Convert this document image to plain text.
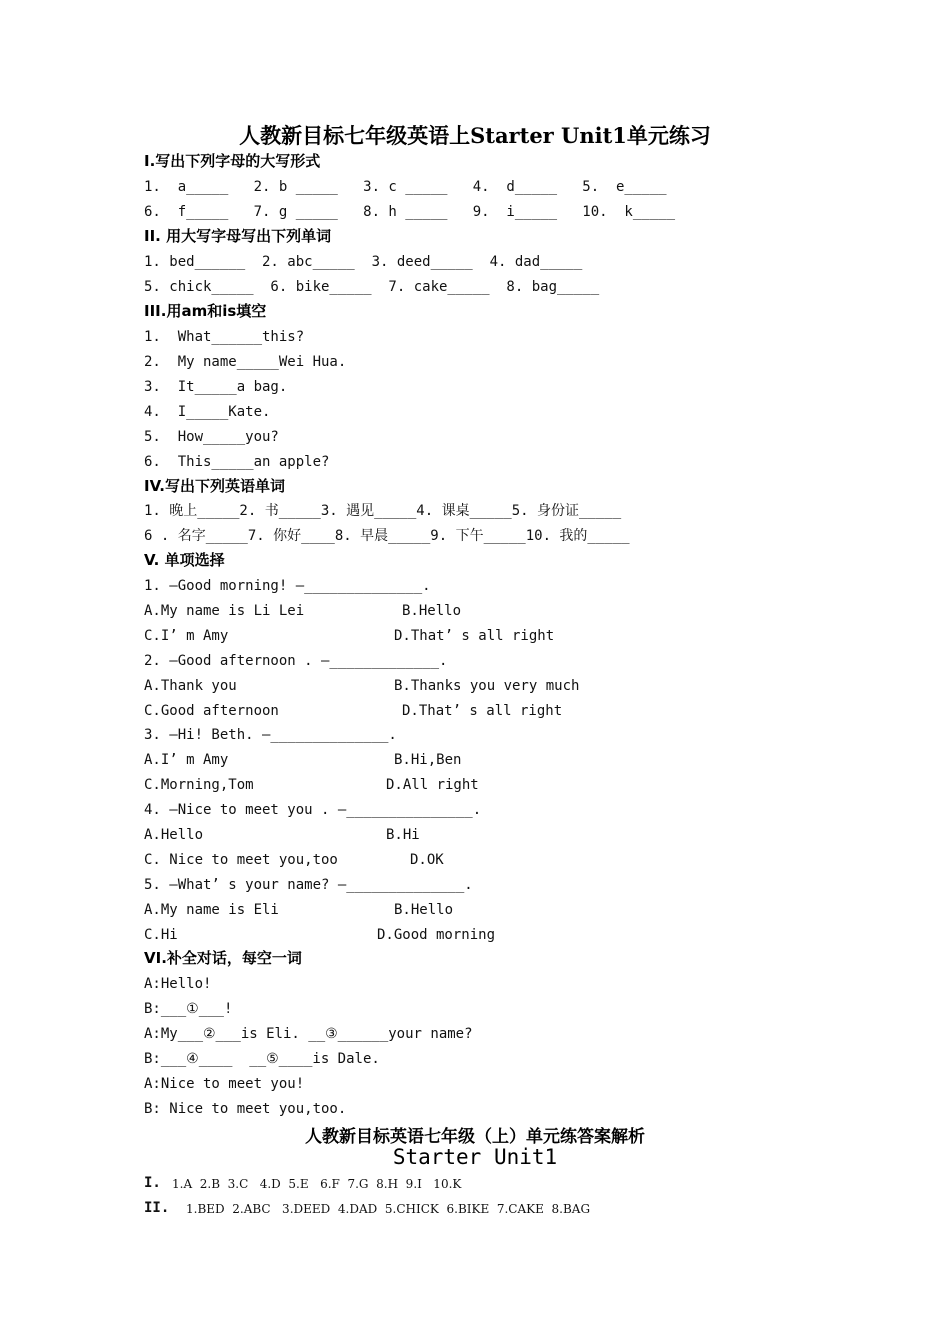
人教新目标七年级英语上Starter Unit1单元练习
Ⅰ.写出下列字母的大写形式
1.  a_____   2. b _____   3. c _____   4.  d_____   5.  e_____
6.  f_____   7. g _____   8. h _____   9.  i_____   10.  k_____
II. 用大写字母写出下列单词
1. bed______  2. abc_____  3. deed_____  4. dad_____
5. chick_____  6. bike_____  7. cake_____  8. bag_____
III.用am和is填空
1.  What______this?
2.  My name_____Wei Hua.
3.  It_____a bag.
4.  I_____Kate.
5.  How_____you?
6.  This_____an apple?
IV.写出下列英语单词
1. 晚上_____2. 书_____3. 遇见_____4. 课桌_____5. 身份证_____
6 . 名字_____7. 你好____8. 早晨_____9. 下午_____10. 我的_____
V. 单项选择
1. —Good morning! —______________.
A.My name is Li Lei	B.Hello
C.I’ m Amy	D.That’ s all right
2. —Good afternoon . —_____________.
A.Thank you	B.Thanks you very much
C.Good afternoon	D.That’ s all right
3. —Hi! Beth. —______________.
A.I’ m Amy	B.Hi,Ben
C.Morning,Tom	D.All right
4. —Nice to meet you . —_______________.
A.Hello	B.Hi
C. Nice to meet you,too	D.OK
5. —What’ s your name? —______________.
A.My name is Eli	B.Hello
C.Hi	D.Good morning
VI.补全对话，每空一词
A:Hello!
B:___①___!
A:My___②___is Eli. __③______your name?
B:___④____  __⑤____is Dale.
A:Nice to meet you!
B: Nice to meet you,too.
人教新目标英语七年级（上）单元练答案解析
Starter Unit1
I. 1.A  2.B  3.C   4.D  5.E   6.F  7.G  8.H  9.I   10.K
II. 1.BED  2.ABC   3.DEED  4.DAD  5.CHICK  6.BIKE  7.CAKE  8.BAG
